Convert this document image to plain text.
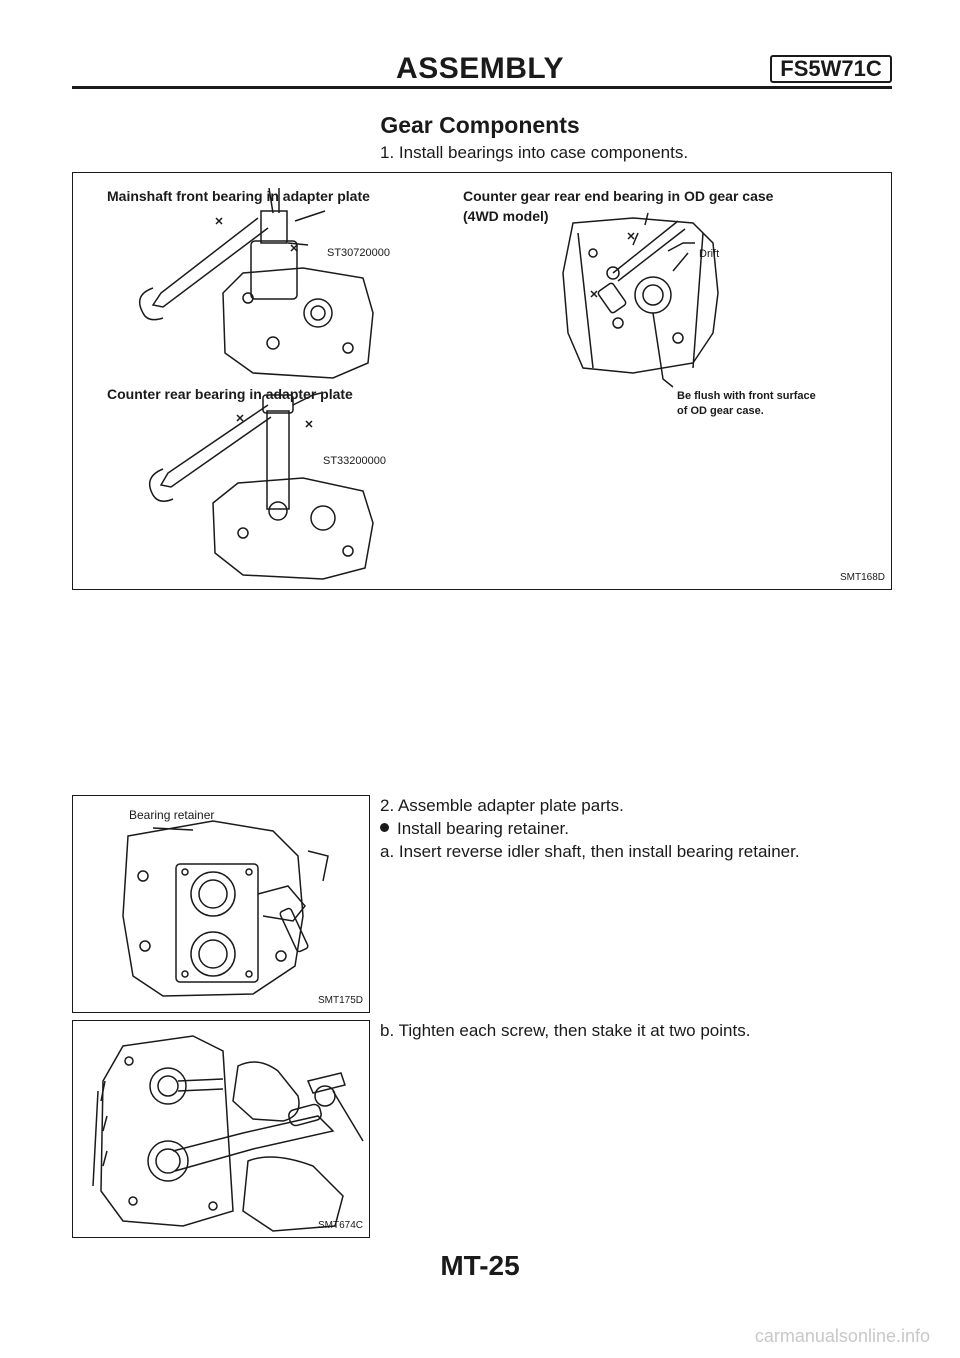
ASSEMBLY	FS5W71C
Gear Components
1. Install bearings into case components.
Mainshaft front bearing in adapter plate
ST30720000
Counter rear bearing in adapter plate
ST33200000
Counter gear rear end bearing in OD gear case
(4WD model)
Drift
Be flush with front surface
of OD gear case.
SMT168D
Bearing retainer
SMT175D
2. Assemble adapter plate parts.
Install bearing retainer.
a. Insert reverse idler shaft, then install bearing retainer.
SMT674C
b. Tighten each screw, then stake it at two points.
MT-25
carmanualsonline.info
